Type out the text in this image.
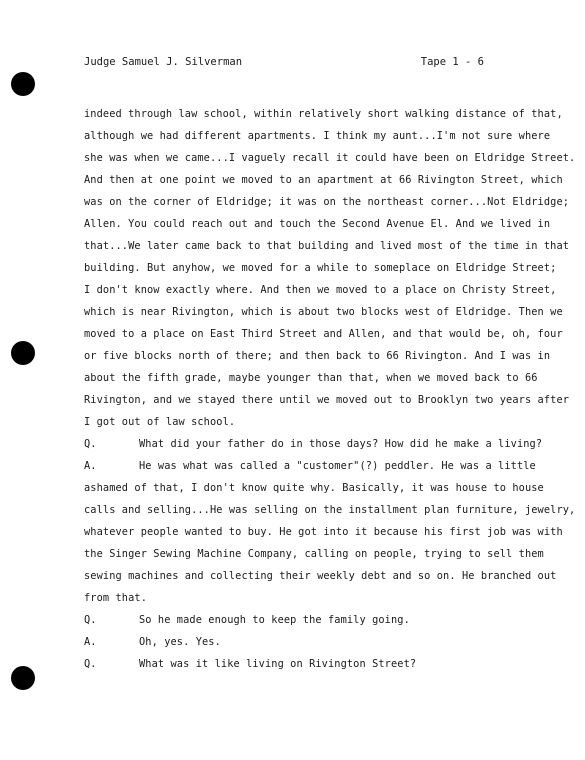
Judge Samuel J. Silverman	Tape 1 - 6
indeed through law school, within relatively short walking distance of that,
although we had different apartments. I think my aunt...I'm not sure where
she was when we came...I vaguely recall it could have been on Eldridge Street.
And then at one point we moved to an apartment at 66 Rivington Street, which
was on the corner of Eldridge; it was on the northeast corner...Not Eldridge;
Allen. You could reach out and touch the Second Avenue El. And we lived in
that...We later came back to that building and lived most of the time in that
building. But anyhow, we moved for a while to someplace on Eldridge Street;
I don't know exactly where. And then we moved to a place on Christy Street,
which is near Rivington, which is about two blocks west of Eldridge. Then we
moved to a place on East Third Street and Allen, and that would be, oh, four
or five blocks north of there; and then back to 66 Rivington. And I was in
about the fifth grade, maybe younger than that, when we moved back to 66
Rivington, and we stayed there until we moved out to Brooklyn two years after
I got out of law school.
Q.	What did your father do in those days? How did he make a living?
A.	He was what was called a "customer"(?) peddler. He was a little
ashamed of that, I don't know quite why. Basically, it was house to house
calls and selling...He was selling on the installment plan furniture, jewelry,
whatever people wanted to buy. He got into it because his first job was with
the Singer Sewing Machine Company, calling on people, trying to sell them
sewing machines and collecting their weekly debt and so on. He branched out
from that.
Q.	So he made enough to keep the family going.
A.	Oh, yes. Yes.
Q.	What was it like living on Rivington Street?
